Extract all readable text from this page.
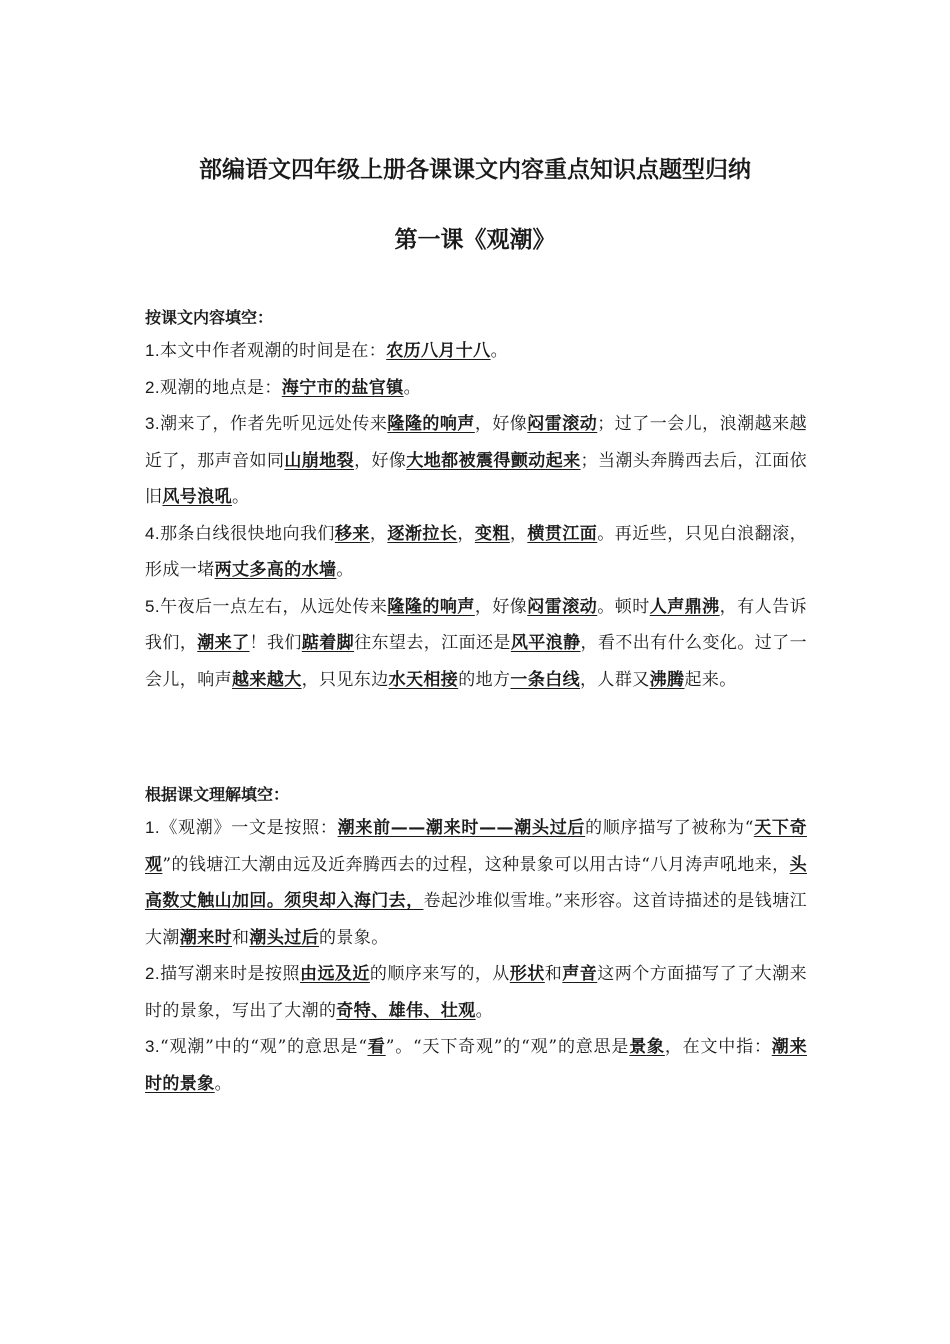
部编语文四年级上册各课课文内容重点知识点题型归纳
第一课《观潮》
按课文内容填空：

1.本文中作者观潮的时间是在：农历八月十八。

2.观潮的地点是：海宁市的盐官镇。

3.潮来了，作者先听见远处传来隆隆的响声，好像闷雷滚动；过了一会儿，浪潮越来越近了，那声音如同山崩地裂，好像大地都被震得颤动起来；当潮头奔腾西去后，江面依旧风号浪吼。

4.那条白线很快地向我们移来，逐渐拉长，变粗，横贯江面。再近些，只见白浪翻滚，形成一堵两丈多高的水墙。

5.午夜后一点左右，从远处传来隆隆的响声，好像闷雷滚动。顿时人声鼎沸，有人告诉我们，潮来了！我们踮着脚往东望去，江面还是风平浪静，看不出有什么变化。过了一会儿，响声越来越大，只见东边水天相接的地方一条白线，人群又沸腾起来。

根据课文理解填空：

1.《观潮》一文是按照：潮来前——潮来时——潮头过后的顺序描写了被称为“天下奇观”的钱塘江大潮由远及近奔腾西去的过程，这种景象可以用古诗“八月涛声吼地来，头高数丈触山加回。须臾却入海门去，卷起沙堆似雪堆。”来形容。这首诗描述的是钱塘江大潮潮来时和潮头过后的景象。

2.描写潮来时是按照由远及近的顺序来写的，从形状和声音这两个方面描写了了大潮来时的景象，写出了大潮的奇特、雄伟、壮观。

3.“观潮”中的“观”的意思是“看”。“天下奇观”的“观”的意思是景象，在文中指：潮来时的景象。
